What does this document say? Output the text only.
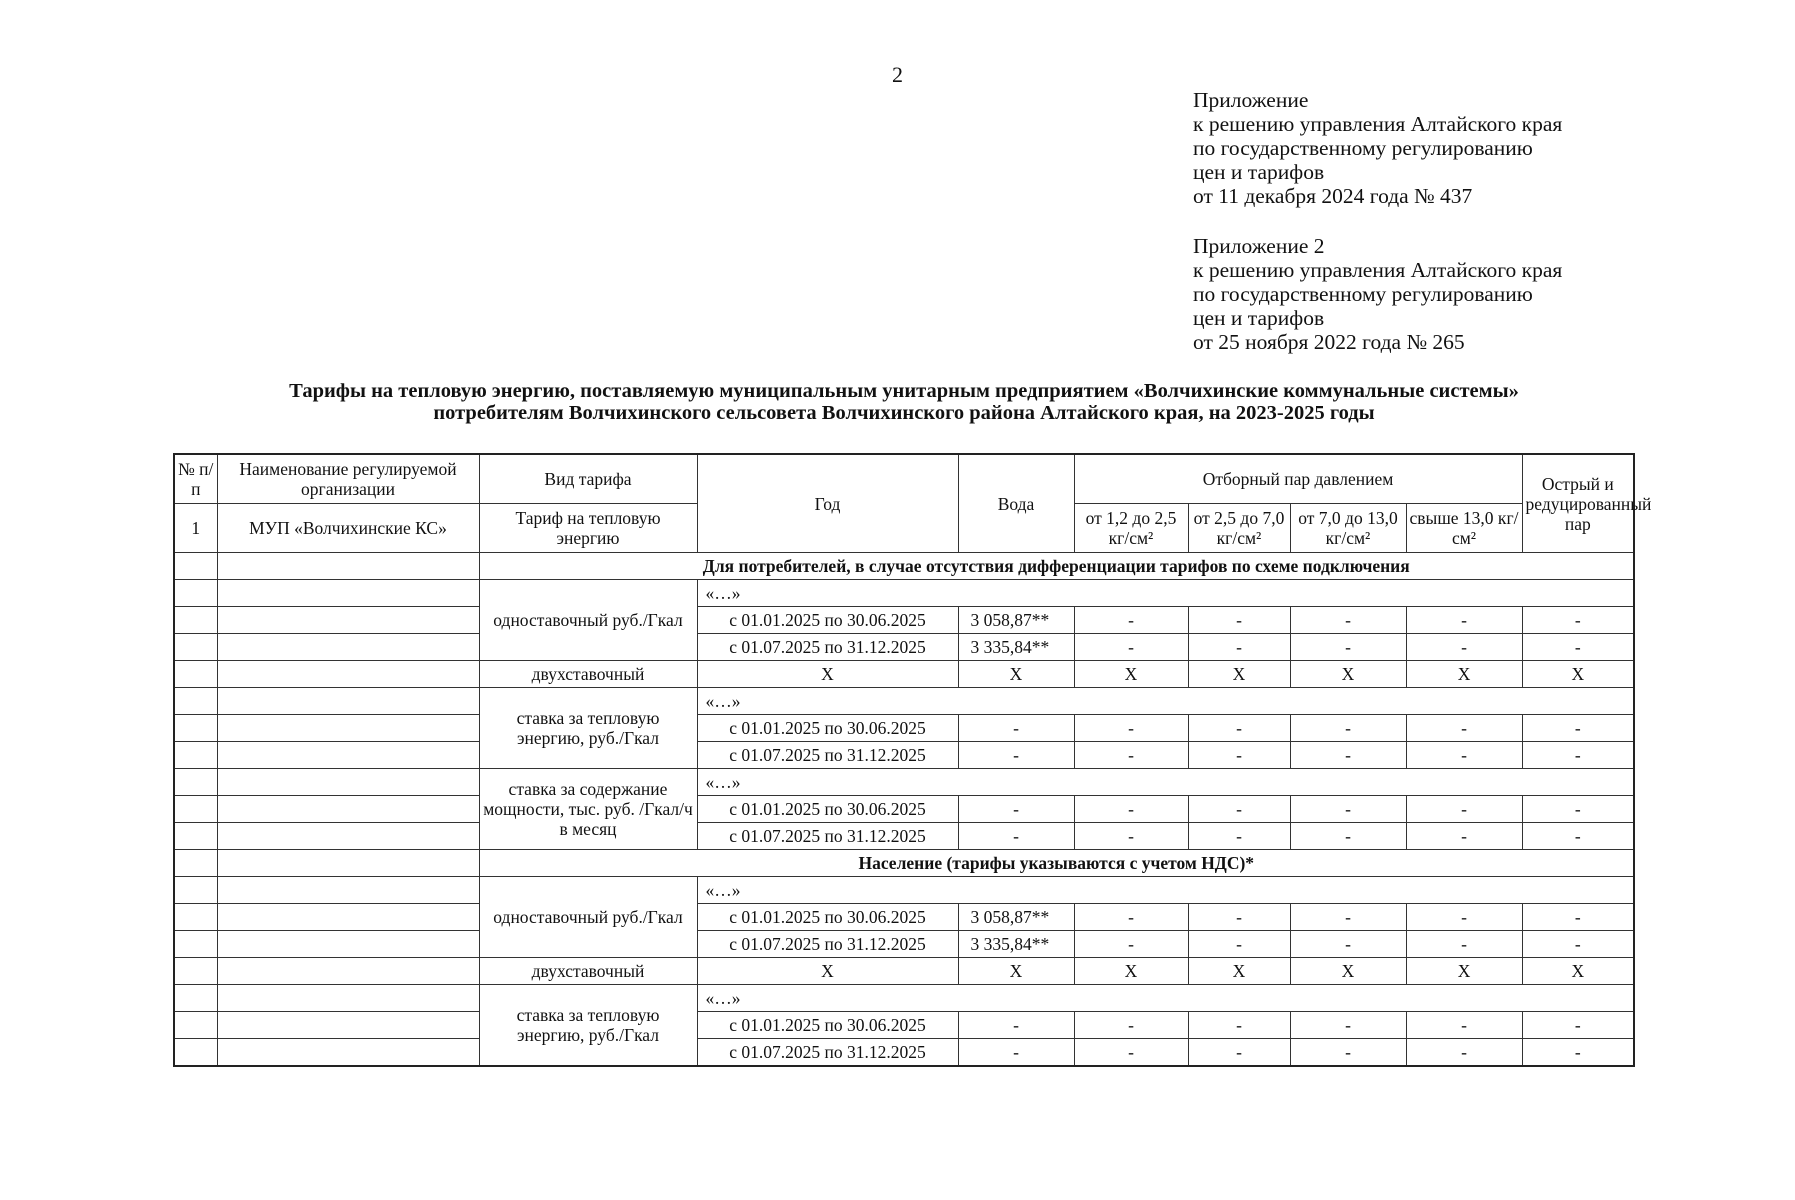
2
Приложение
к решению управления Алтайского края
по государственному регулированию
цен и тарифов
от 11 декабря 2024 года № 437
Приложение 2
к решению управления Алтайского края
по государственному регулированию
цен и тарифов
от 25 ноября 2022 года № 265
Тарифы на тепловую энергию, поставляемую муниципальным унитарным предприятием «Волчихинские коммунальные системы»
потребителям Волчихинского сельсовета Волчихинского района Алтайского края, на 2023-2025 годы
№ п/п	Наименование регулируемой организации	Вид тарифа	Год	Вода	Отборный пар давлением				Острый и редуцированный пар
1	МУП «Волчихинские КС»	Тариф на тепловую энергию			от 1,2 до 2,5 кг/см²	от 2,5 до 7,0 кг/см²	от 7,0 до 13,0 кг/см²	свыше 13,0 кг/см²	
		Для потребителей, в случае отсутствия дифференциации тарифов по схеме подключения							
		одноставочный руб./Гкал	«…»						
			с 01.01.2025 по 30.06.2025	3 058,87**	-	-	-	-	-
			с 01.07.2025 по 31.12.2025	3 335,84**	-	-	-	-	-
		двухставочный	X	X	X	X	X	X	X
		ставка за тепловую энергию, руб./Гкал	«…»						
			с 01.01.2025 по 30.06.2025	-	-	-	-	-	-
			с 01.07.2025 по 31.12.2025	-	-	-	-	-	-
		ставка за содержание мощности, тыс. руб. /Гкал/ч в месяц	«…»						
			с 01.01.2025 по 30.06.2025	-	-	-	-	-	-
			с 01.07.2025 по 31.12.2025	-	-	-	-	-	-
		Население (тарифы указываются с учетом НДС)*							
		одноставочный руб./Гкал	«…»						
			с 01.01.2025 по 30.06.2025	3 058,87**	-	-	-	-	-
			с 01.07.2025 по 31.12.2025	3 335,84**	-	-	-	-	-
		двухставочный	X	X	X	X	X	X	X
		ставка за тепловую энергию, руб./Гкал	«…»						
			с 01.01.2025 по 30.06.2025	-	-	-	-	-	-
			с 01.07.2025 по 31.12.2025	-	-	-	-	-	-
